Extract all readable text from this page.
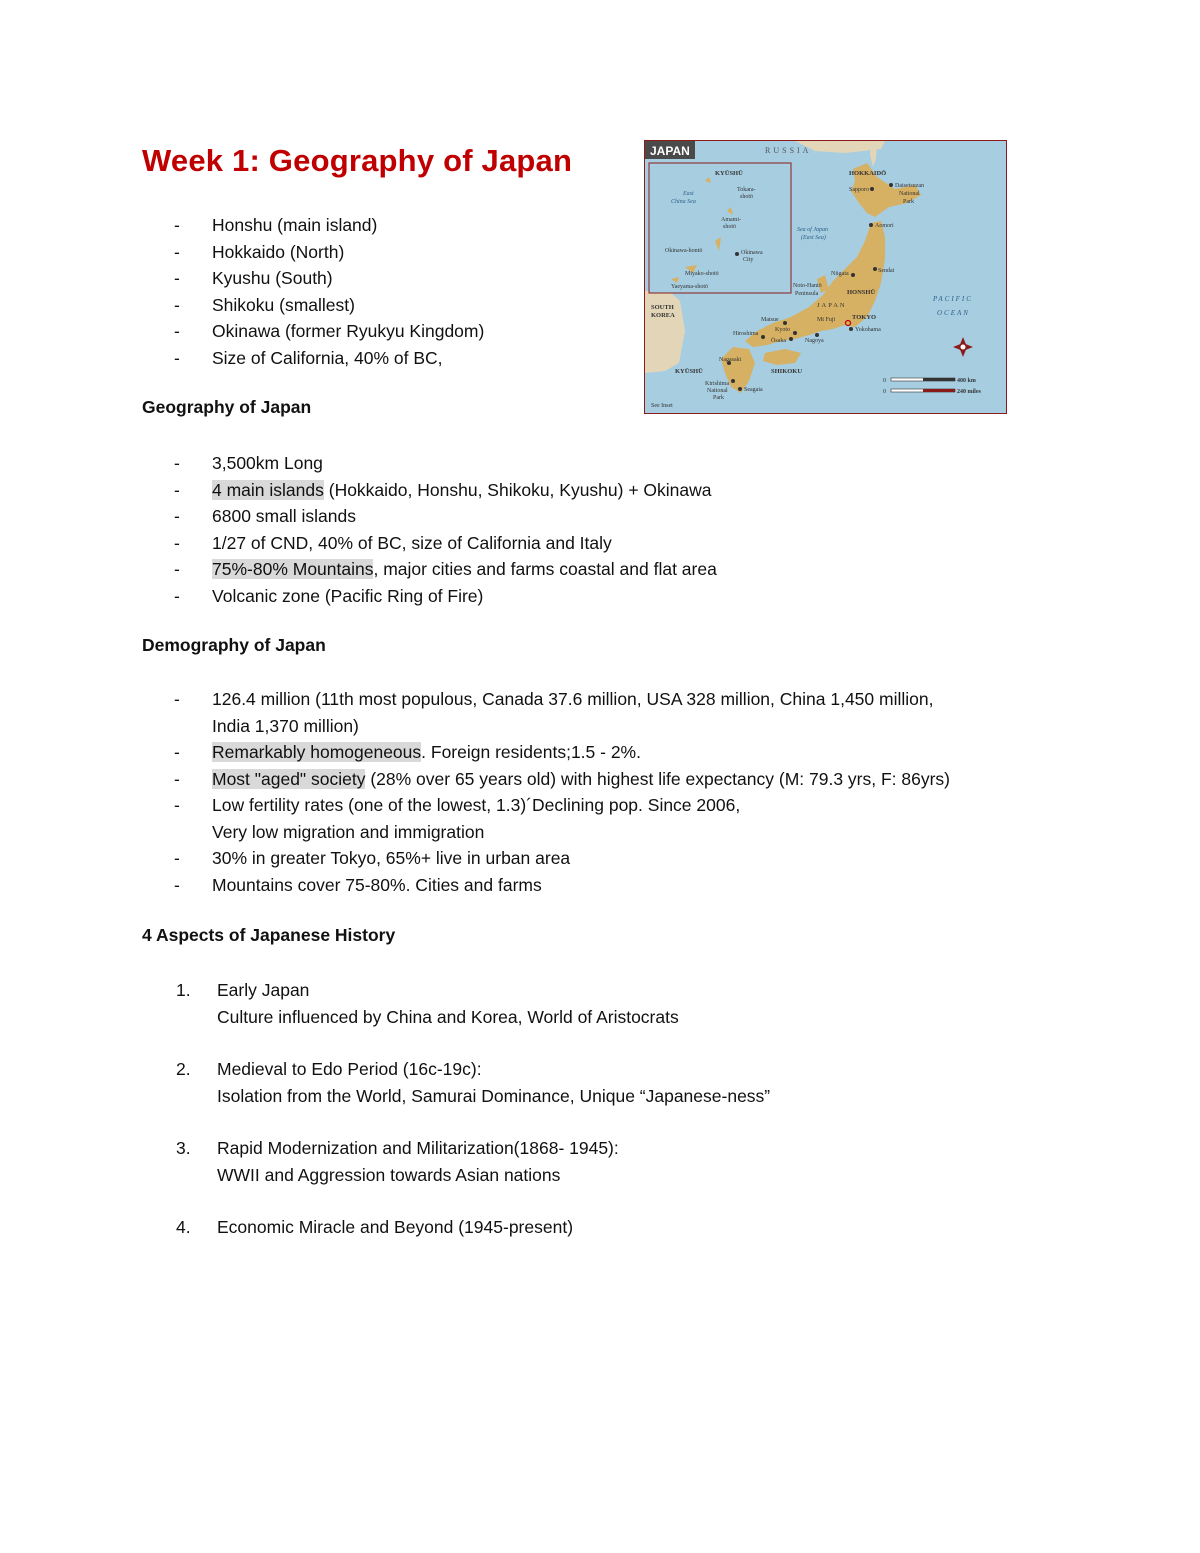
Week 1: Geography of Japan
- Honshu (main island)
- Hokkaido (North)
- Kyushu (South)
- Shikoku (smallest)
- Okinawa (former Ryukyu Kingdom)
- Size of California, 40% of BC,
Geography of Japan
- 3,500km Long
- 4 main islands (Hokkaido, Honshu, Shikoku, Kyushu) + Okinawa
- 6800 small islands
- 1/27 of CND, 40% of BC, size of California and Italy
- 75%-80% Mountains, major cities and farms coastal and flat area
- Volcanic zone (Pacific Ring of Fire)
Demography of Japan
- 126.4 million (11th most populous, Canada 37.6 million, USA 328 million, China 1,450 million,
India 1,370 million)
- Remarkably homogeneous. Foreign residents;1.5 - 2%.
- Most "aged" society (28% over 65 years old) with highest life expectancy (M: 79.3 yrs, F: 86yrs)
- Low fertility rates (one of the lowest, 1.3)´Declining pop. Since 2006,
Very low migration and immigration
- 30% in greater Tokyo, 65%+ live in urban area
- Mountains cover 75-80%. Cities and farms
4 Aspects of Japanese History
1. Early Japan
Culture influenced by China and Korea, World of Aristocrats
2. Medieval to Edo Period (16c-19c):
Isolation from the World, Samurai Dominance, Unique “Japanese-ness”
3. Rapid Modernization and Militarization(1868- 1945):
WWII and Aggression towards Asian nations
4. Economic Miracle and Beyond (1945-present)
JAPAN	RUSSIA
KYŪSHŪ
East
China Sea
Tokara-
shotō
Amami-
shotō
Okinawa-hontō	Okinawa
City
Miyako-shotō
Yaeyama-shotō
HOKKAIDŌ
Daisetsuzan
National
Park
Sapporo
Aomori
Sea of Japan
(East Sea)
Niigata	Sendai
Noto-Hantō
Peninsula	HONSHŪ
JAPAN
PACIFIC
OCEAN
SOUTH
KOREA
Matsue	Mt Fuji	TOKYO
Yokohama
Hiroshima
Kyoto
Ōsaka	Nagoya
Nagasaki
SHIKOKU
KYŪSHŪ
Kirishima
National
Park
Seagaia
See Inset
0	400 km
0	240 miles
